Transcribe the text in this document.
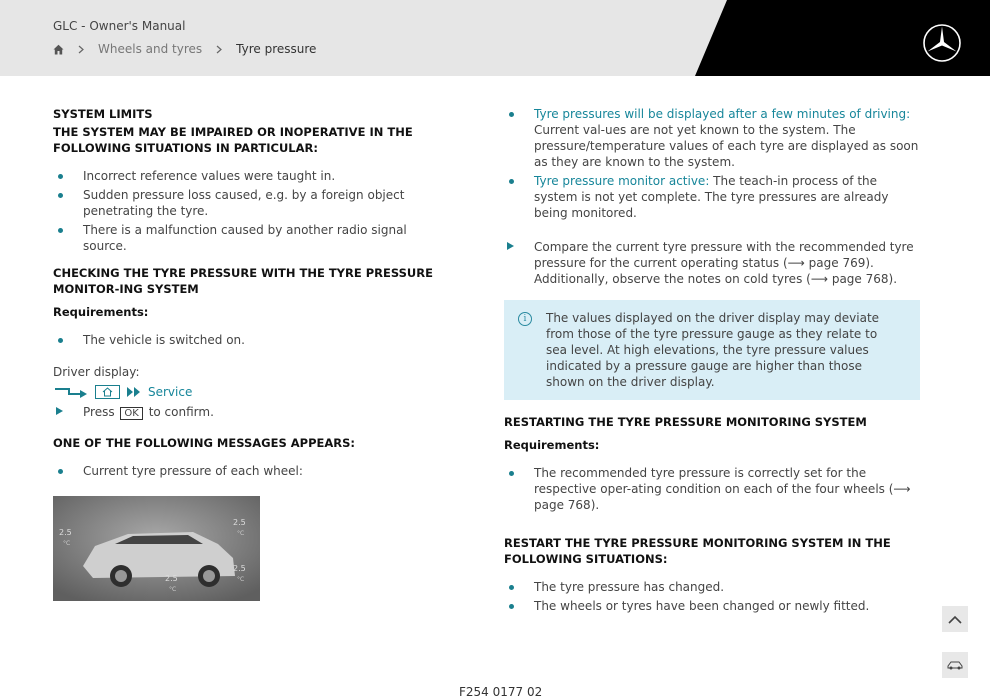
GLC - Owner's Manual
Wheels and tyres	Tyre pressure
SYSTEM LIMITS
THE SYSTEM MAY BE IMPAIRED OR INOPERATIVE IN THE FOLLOWING SITUATIONS IN PARTICULAR:
Incorrect reference values were taught in.
Sudden pressure loss caused, e.g. by a foreign object penetrating the tyre.
There is a malfunction caused by another radio signal source.
CHECKING THE TYRE PRESSURE WITH THE TYRE PRESSURE MONITOR-ING SYSTEM
Requirements:
The vehicle is switched on.
Driver display:
Service
Press OK to confirm.
ONE OF THE FOLLOWING MESSAGES APPEARS:
Current tyre pressure of each wheel:
2.5
°C
2.5
°C
2.5
°C
2.5
°C
Tyre pressures will be displayed after a few minutes of driving: Current val-ues are not yet known to the system. The pressure/temperature values of each tyre are displayed as soon as they are known to the system.
Tyre pressure monitor active: The teach-in process of the system is not yet complete. The tyre pressures are already being monitored.
Compare the current tyre pressure with the recommended tyre pressure for the current operating status (⟶ page 769). Additionally, observe the notes on cold tyres (⟶ page 768).
i	The values displayed on the driver display may deviate from those of the tyre pressure gauge as they relate to sea level. At high elevations, the tyre pressure values indicated by a pressure gauge are higher than those shown on the driver display.
RESTARTING THE TYRE PRESSURE MONITORING SYSTEM
Requirements:
The recommended tyre pressure is correctly set for the respective oper-ating condition on each of the four wheels (⟶ page 768).
RESTART THE TYRE PRESSURE MONITORING SYSTEM IN THE FOLLOWING SITUATIONS:
The tyre pressure has changed.
The wheels or tyres have been changed or newly fitted.
F254 0177 02
